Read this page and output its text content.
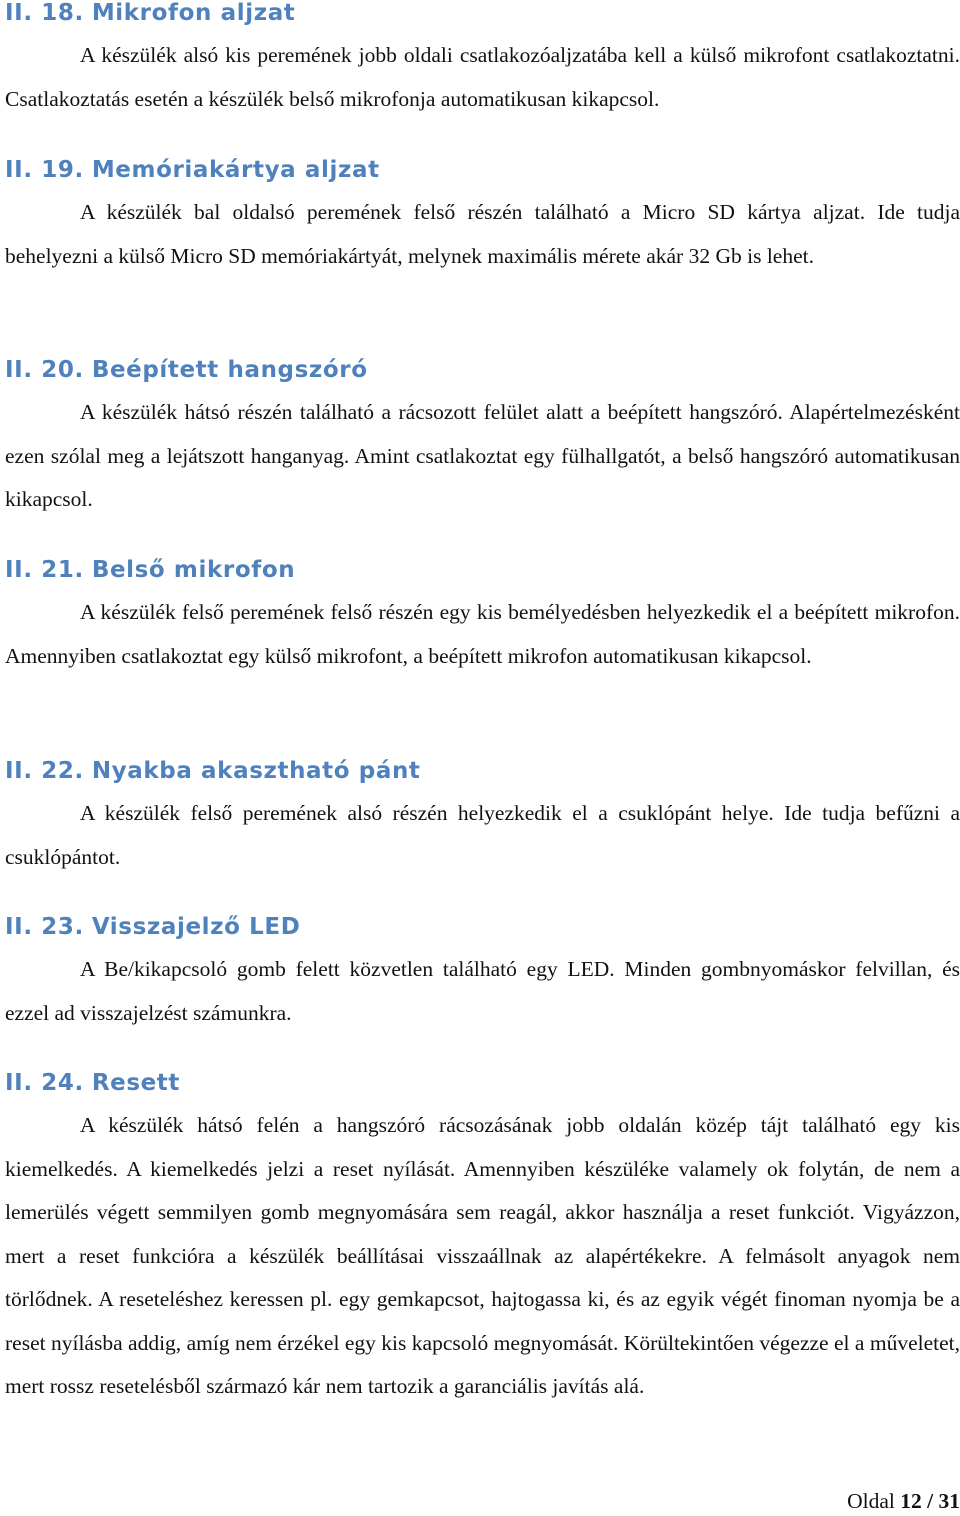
II. 18. Mikrofon aljzat

A készülék alsó kis peremének jobb oldali csatlakozóaljzatába kell a külső mikrofont csatlakoztatni. Csatlakoztatás esetén a készülék belső mikrofonja automatikusan kikapcsol.

II. 19. Memóriakártya aljzat

A készülék bal oldalsó peremének felső részén található a Micro SD kártya aljzat. Ide tudja behelyezni a külső Micro SD memóriakártyát, melynek maximális mérete akár 32 Gb is lehet.

II. 20. Beépített hangszóró

A készülék hátsó részén található a rácsozott felület alatt a beépített hangszóró. Alapértelmezésként ezen szólal meg a lejátszott hanganyag. Amint csatlakoztat egy fülhallgatót, a belső hangszóró automatikusan kikapcsol.

II. 21. Belső mikrofon

A készülék felső peremének felső részén egy kis bemélyedésben helyezkedik el a beépített mikrofon. Amennyiben csatlakoztat egy külső mikrofont, a beépített mikrofon automatikusan kikapcsol.

II. 22. Nyakba akasztható pánt

A készülék felső peremének alsó részén helyezkedik el a csuklópánt helye. Ide tudja befűzni a csuklópántot.

II. 23. Visszajelző LED

A Be/kikapcsoló gomb felett közvetlen található egy LED. Minden gombnyomáskor felvillan, és ezzel ad visszajelzést számunkra.

II. 24. Resett

A készülék hátsó felén a hangszóró rácsozásának jobb oldalán közép tájt található egy kis kiemelkedés. A kiemelkedés jelzi a reset nyílását. Amennyiben készüléke valamely ok folytán, de nem a lemerülés végett semmilyen gomb megnyomására sem reagál, akkor használja a reset funkciót. Vigyázzon, mert a reset funkcióra a készülék beállításai visszaállnak az alapértékekre. A felmásolt anyagok nem törlődnek. A reseteléshez keressen pl. egy gemkapcsot, hajtogassa ki, és az egyik végét finoman nyomja be a reset nyílásba addig, amíg nem érzékel egy kis kapcsoló megnyomását. Körültekintően végezze el a műveletet, mert rossz resetelésből származó kár nem tartozik a garanciális javítás alá.

Oldal 12 / 31
